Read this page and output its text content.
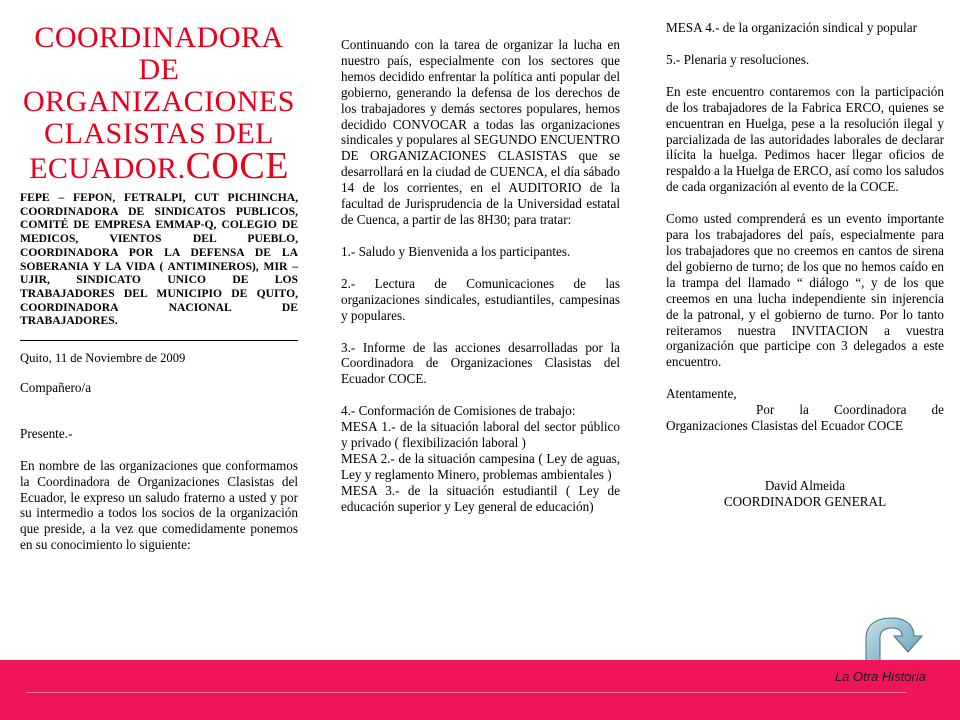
COORDINADORA
DE
ORGANIZACIONES
CLASISTAS DEL
ECUADOR.COCE
FEPE – FEPON, FETRALPI, CUT PICHINCHA, COORDINADORA DE SINDICATOS PUBLICOS, COMITÉ DE EMPRESA EMMAP-Q, COLEGIO DE MEDICOS, VIENTOS DEL PUEBLO, COORDINADORA POR LA DEFENSA DE LA SOBERANIA Y LA VIDA ( ANTIMINEROS), MIR –UJIR, SINDICATO UNICO DE LOS TRABAJADORES DEL MUNICIPIO DE QUITO, COORDINADORA NACIONAL DE TRABAJADORES.

Quito, 11 de Noviembre de 2009

Compañero/a

Presente.-

En nombre de las organizaciones que conformamos la Coordinadora de Organizaciones Clasistas del Ecuador, le expreso un saludo fraterno a usted y por su intermedio a todos los socios de la organización que preside, a la vez que comedidamente ponemos en su conocimiento lo siguiente:

Continuando con la tarea de organizar la lucha en nuestro país, especialmente con los sectores que hemos decidido enfrentar la política anti popular del gobierno, generando la defensa de los derechos de los trabajadores y demás sectores populares, hemos decidido CONVOCAR a todas las organizaciones sindicales y populares al SEGUNDO ENCUENTRO DE ORGANIZACIONES CLASISTAS que se desarrollará en la ciudad de CUENCA, el día sábado 14 de los corrientes, en el AUDITORIO de la facultad de Jurisprudencia de la Universidad estatal de Cuenca, a partir de las 8H30; para tratar:

1.- Saludo y Bienvenida a los participantes.

2.- Lectura de Comunicaciones de las organizaciones sindicales, estudiantiles, campesinas y populares.

3.- Informe de las acciones desarrolladas por la Coordinadora de Organizaciones Clasistas del Ecuador COCE.

4.- Conformación de Comisiones de trabajo:

MESA 1.- de la situación laboral del sector público y privado ( flexibilización laboral )

MESA 2.- de la situación campesina ( Ley de aguas, Ley y reglamento Minero, problemas ambientales )

MESA 3.- de la situación estudiantil ( Ley de educación superior y Ley general de educación)

MESA 4.- de la organización sindical y popular

5.- Plenaria y resoluciones.

En este encuentro contaremos con la participación de los trabajadores de la Fabrica ERCO, quienes se encuentran en Huelga, pese a la resolución ilegal y parcializada de las autoridades laborales de declarar ilícita la huelga. Pedimos hacer llegar oficios de respaldo a la Huelga de ERCO, así como los saludos de cada organización al evento de la COCE.

Como usted comprenderá es un evento importante para los trabajadores del país, especialmente para los trabajadores que no creemos en cantos de sirena del gobierno de turno; de los que no hemos caído en la trampa del llamado “ diálogo “, y de los que creemos en una lucha independiente sin injerencia de la patronal, y el gobierno de turno. Por lo tanto reiteramos nuestra INVITACION a vuestra organización que participe con 3 delegados a este encuentro.

Atentamente,

Por la Coordinadora de Organizaciones Clasistas del Ecuador COCE

David Almeida
COORDINADOR GENERAL
La Otra Historia
